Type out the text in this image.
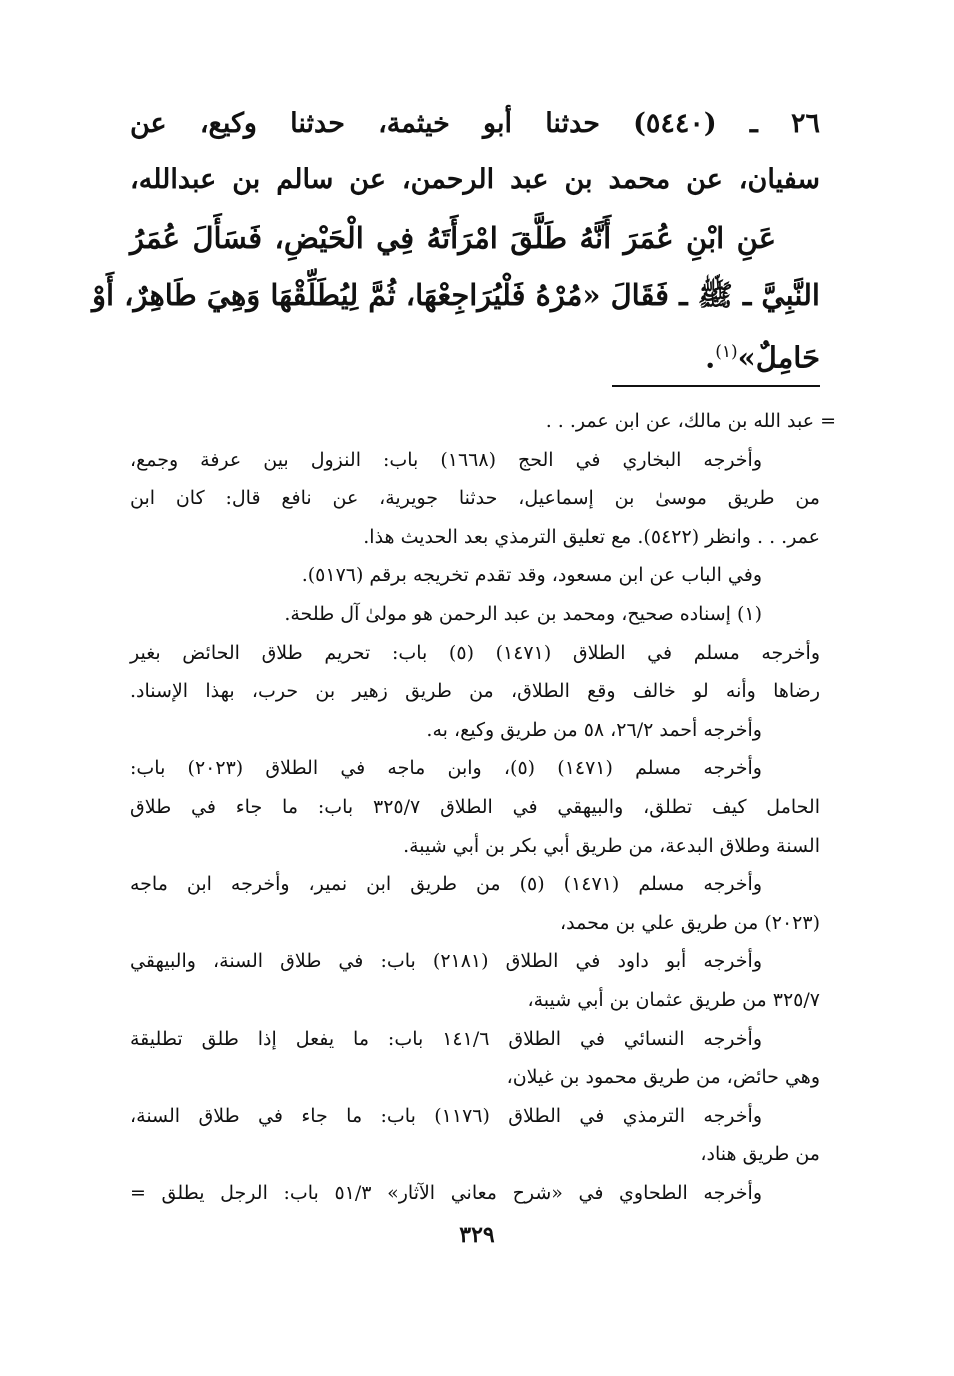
٢٦ ـ (٥٤٤٠) حدثنا أبو خيثمة، حدثنا وكيع، عن
سفيان، عن محمد بن عبد الرحمن، عن سالم بن عبدالله،
عَنِ ابْنِ عُمَرَ أَنَّهُ طَلَّقَ امْرَأَتَهُ فِي الْحَيْضِ، فَسَأَلَ عُمَرُ
النَّبِيَّ ـ ﷺ ـ فَقَالَ «مُرْهُ فَلْيُرَاجِعْهَا، ثُمَّ لِيُطَلِّقْهَا وَهِيَ طَاهِرٌ، أَوْ
حَامِلٌ»$^{(١)}$.
= عبد الله بن مالك، عن ابن عمر. . .
وأخرجه البخاري في الحج (١٦٦٨) باب: النزول بين عرفة وجمع،
من طريق موسىٰ بن إسماعيل، حدثنا جويرية، عن نافع قال: كان ابن
عمر. . . وانظر (٥٤٢٢). مع تعليق الترمذي بعد الحديث هذا.
وفي الباب عن ابن مسعود، وقد تقدم تخريجه برقم (٥١٧٦).
(١) إسناده صحيح، ومحمد بن عبد الرحمن هو مولىٰ آل طلحة.
وأخرجه مسلم في الطلاق (١٤٧١) (٥) باب: تحريم طلاق الحائض بغير
رضاها وأنه لو خالف وقع الطلاق، من طريق زهير بن حرب، بهذا الإسناد.
وأخرجه أحمد ٢٦/٢، ٥٨ من طريق وكيع، به.
وأخرجه مسلم (١٤٧١) (٥)، وابن ماجه في الطلاق (٢٠٢٣) باب:
الحامل كيف تطلق، والبيهقي في الطلاق ٣٢٥/٧ باب: ما جاء في طلاق
السنة وطلاق البدعة، من طريق أبي بكر بن أبي شيبة.
وأخرجه مسلم (١٤٧١) (٥) من طريق ابن نمير، وأخرجه ابن ماجه
(٢٠٢٣) من طريق علي بن محمد،
وأخرجه أبو داود في الطلاق (٢١٨١) باب: في طلاق السنة، والبيهقي
٣٢٥/٧ من طريق عثمان بن أبي شيبة،
وأخرجه النسائي في الطلاق ١٤١/٦ باب: ما يفعل إذا طلق تطليقة
وهي حائض، من طريق محمود بن غيلان،
وأخرجه الترمذي في الطلاق (١١٧٦) باب: ما جاء في طلاق السنة،
من طريق هناد،
وأخرجه الطحاوي في «شرح معاني الآثار» ٥١/٣ باب: الرجل يطلق =
٣٢٩
